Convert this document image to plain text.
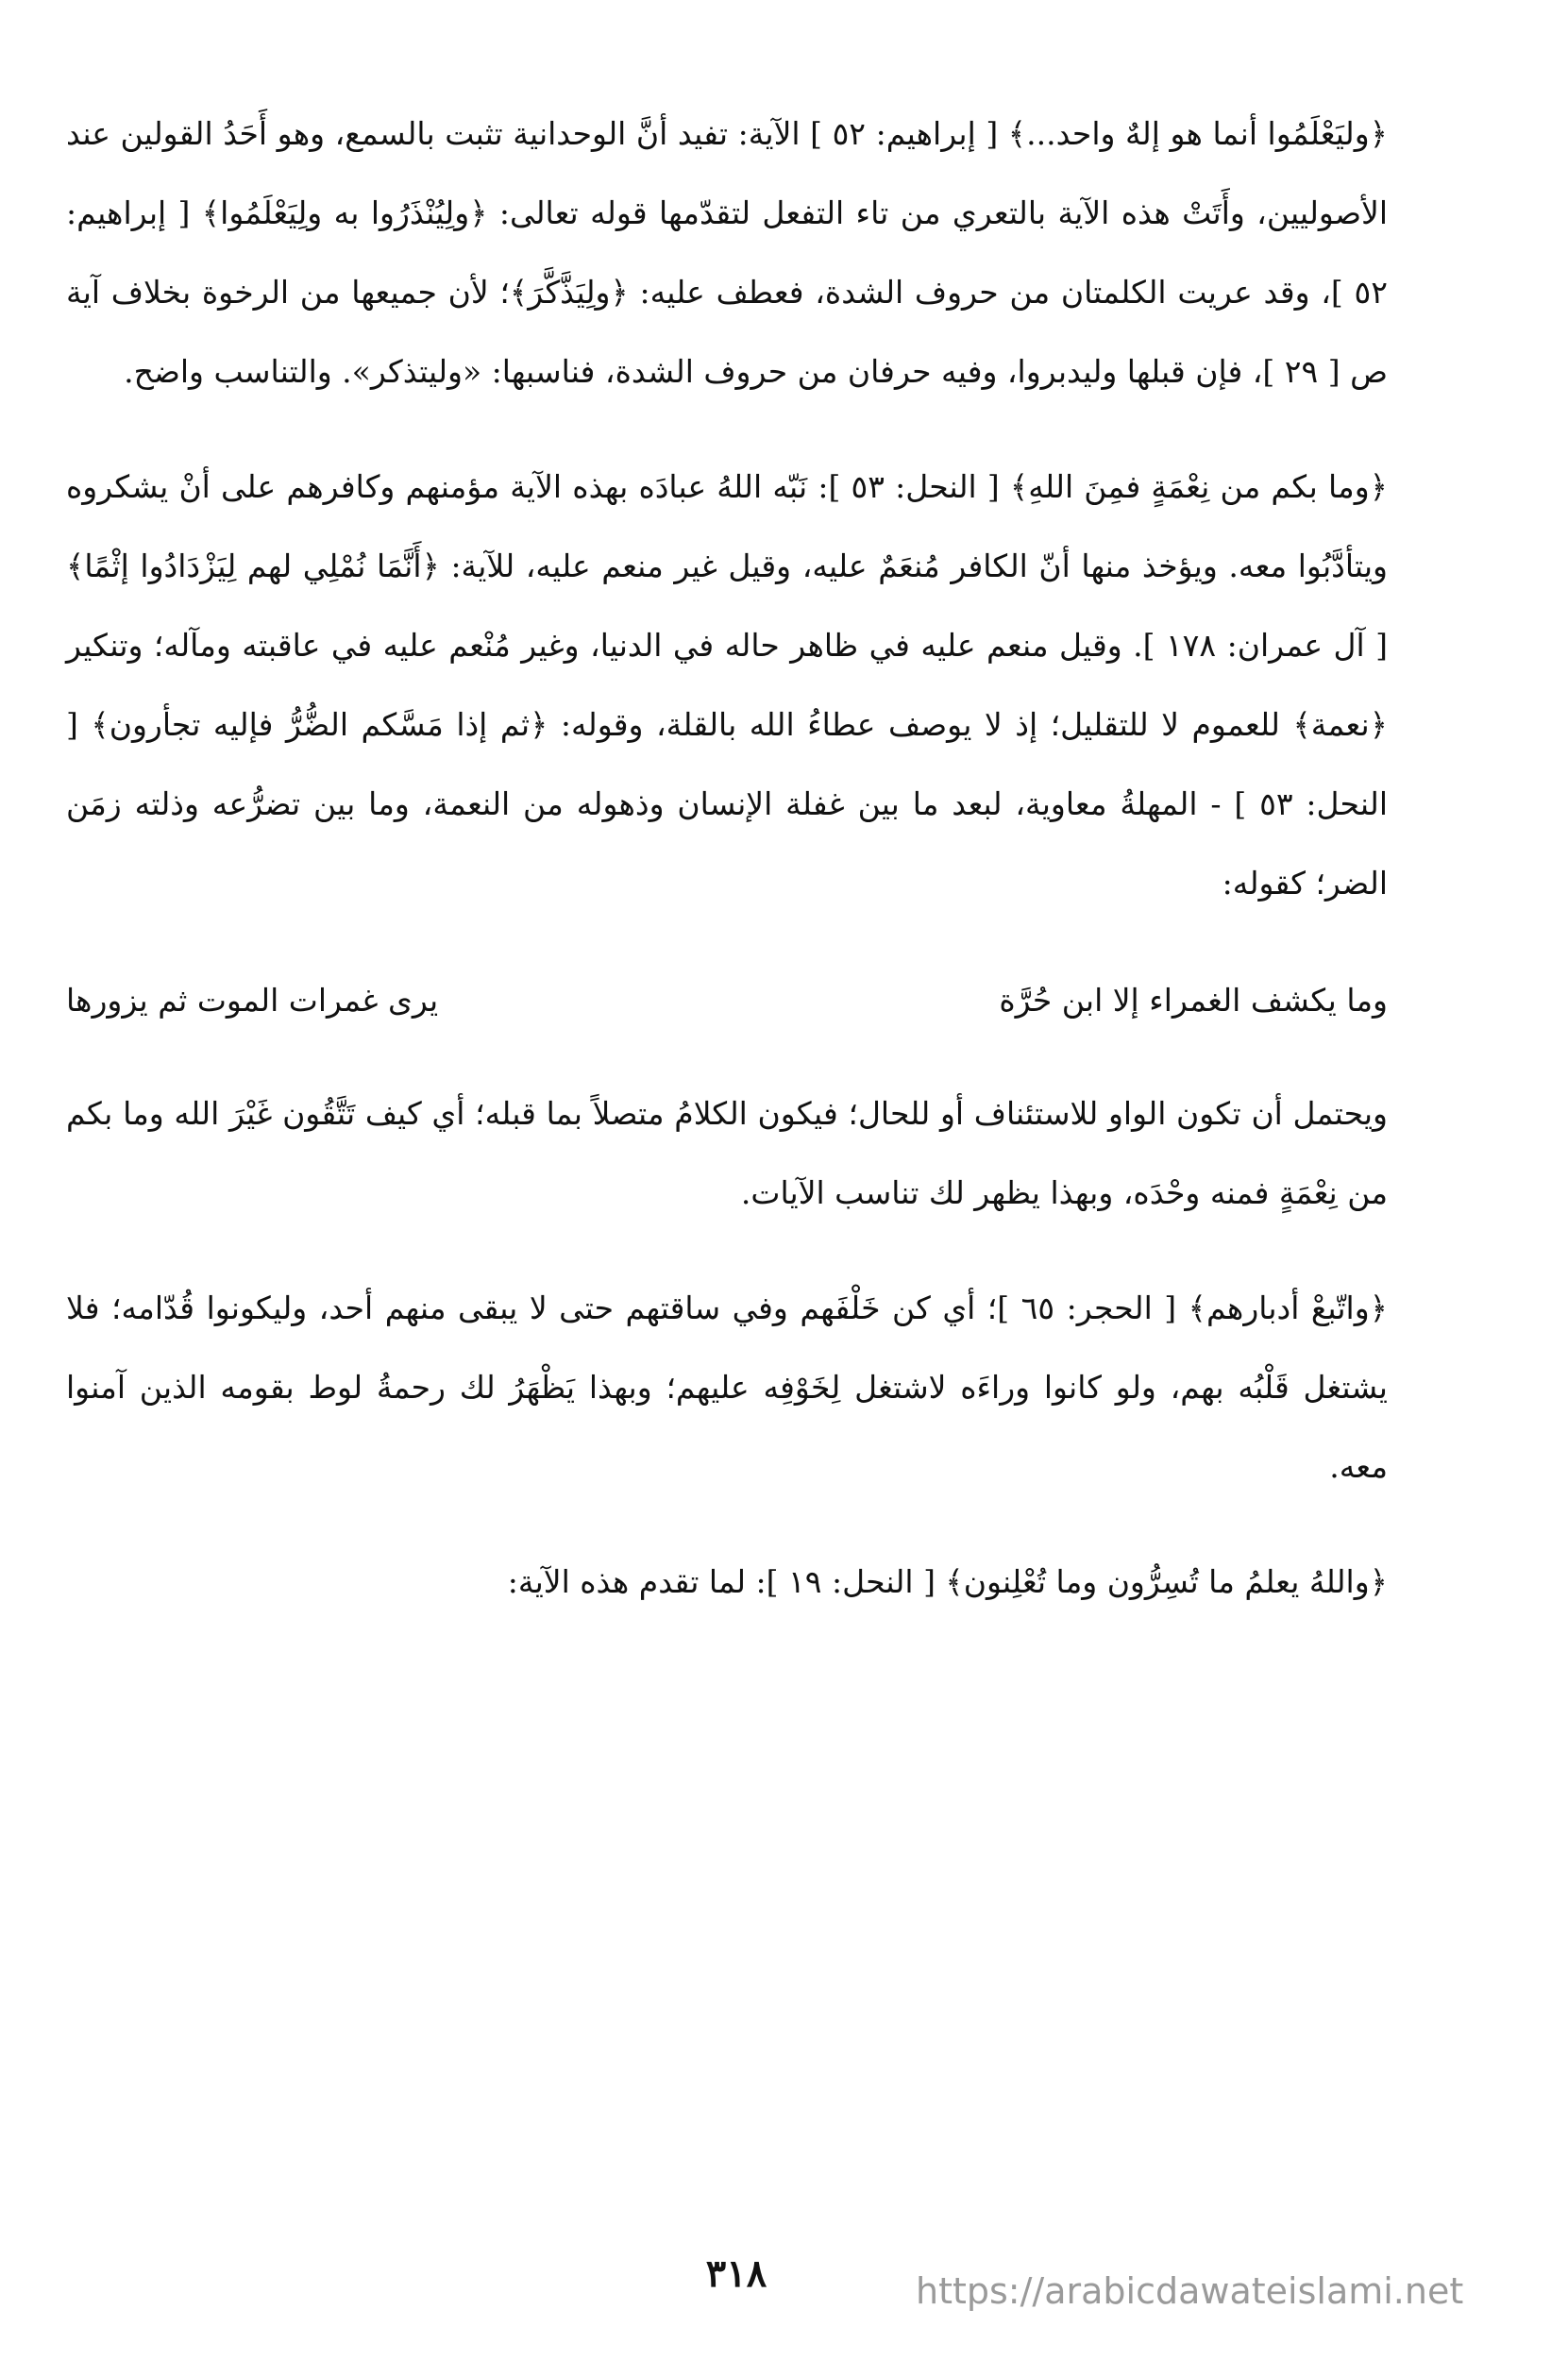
﴿وليَعْلَمُوا أنما هو إلهٌ واحد...﴾ [ إبراهيم: ٥٢ ] الآية: تفيد أنَّ الوحدانية تثبت بالسمع، وهو أَحَدُ القولين عند الأصوليين، وأَتَتْ هذه الآية بالتعري من تاء التفعل لتقدّمها قوله تعالى: ﴿ولِيُنْذَرُوا به ولِيَعْلَمُوا﴾ [ إبراهيم: ٥٢ ]، وقد عريت الكلمتان من حروف الشدة، فعطف عليه: ﴿ولِيَذَّكَّرَ﴾؛ لأن جميعها من الرخوة بخلاف آية ص [ ٢٩ ]، فإن قبلها وليدبروا، وفيه حرفان من حروف الشدة، فناسبها: «وليتذكر». والتناسب واضح.

﴿وما بكم من نِعْمَةٍ فمِنَ اللهِ﴾ [ النحل: ٥٣ ]: نَبّه اللهُ عبادَه بهذه الآية مؤمنهم وكافرهم على أنْ يشكروه ويتأدَّبُوا معه. ويؤخذ منها أنّ الكافر مُنعَمٌ عليه، وقيل غير منعم عليه، للآية: ﴿أَنَّمَا نُمْلِي لهم لِيَزْدَادُوا إثْمًا﴾ [ آل عمران: ١٧٨ ]. وقيل منعم عليه في ظاهر حاله في الدنيا، وغير مُنْعم عليه في عاقبته ومآله؛ وتنكير ﴿نعمة﴾ للعموم لا للتقليل؛ إذ لا يوصف عطاءُ الله بالقلة، وقوله: ﴿ثم إذا مَسَّكم الضُّرُّ فإليه تجأرون﴾ [ النحل: ٥٣ ] - المهلةُ معاوية، لبعد ما بين غفلة الإنسان وذهوله من النعمة، وما بين تضرُّعه وذلته زمَن الضر؛ كقوله:

وما يكشف الغمراء إلا ابن حُرَّة
يرى غمرات الموت ثم يزورها

ويحتمل أن تكون الواو للاستئناف أو للحال؛ فيكون الكلامُ متصلاً بما قبله؛ أي كيف تَتَّقُون غَيْرَ الله وما بكم من نِعْمَةٍ فمنه وحْدَه، وبهذا يظهر لك تناسب الآيات.

﴿واتّبعْ أدبارهم﴾ [ الحجر: ٦٥ ]؛ أي كن خَلْفَهم وفي ساقتهم حتى لا يبقى منهم أحد، وليكونوا قُدّامه؛ فلا يشتغل قَلْبُه بهم، ولو كانوا وراءَه لاشتغل لِخَوْفِه عليهم؛ وبهذا يَظْهَرُ لك رحمةُ لوط بقومه الذين آمنوا معه.

﴿واللهُ يعلمُ ما تُسِرُّون وما تُعْلِنون﴾ [ النحل: ١٩ ]: لما تقدم هذه الآية:

٣١٨	https://arabicdawateislami.net
